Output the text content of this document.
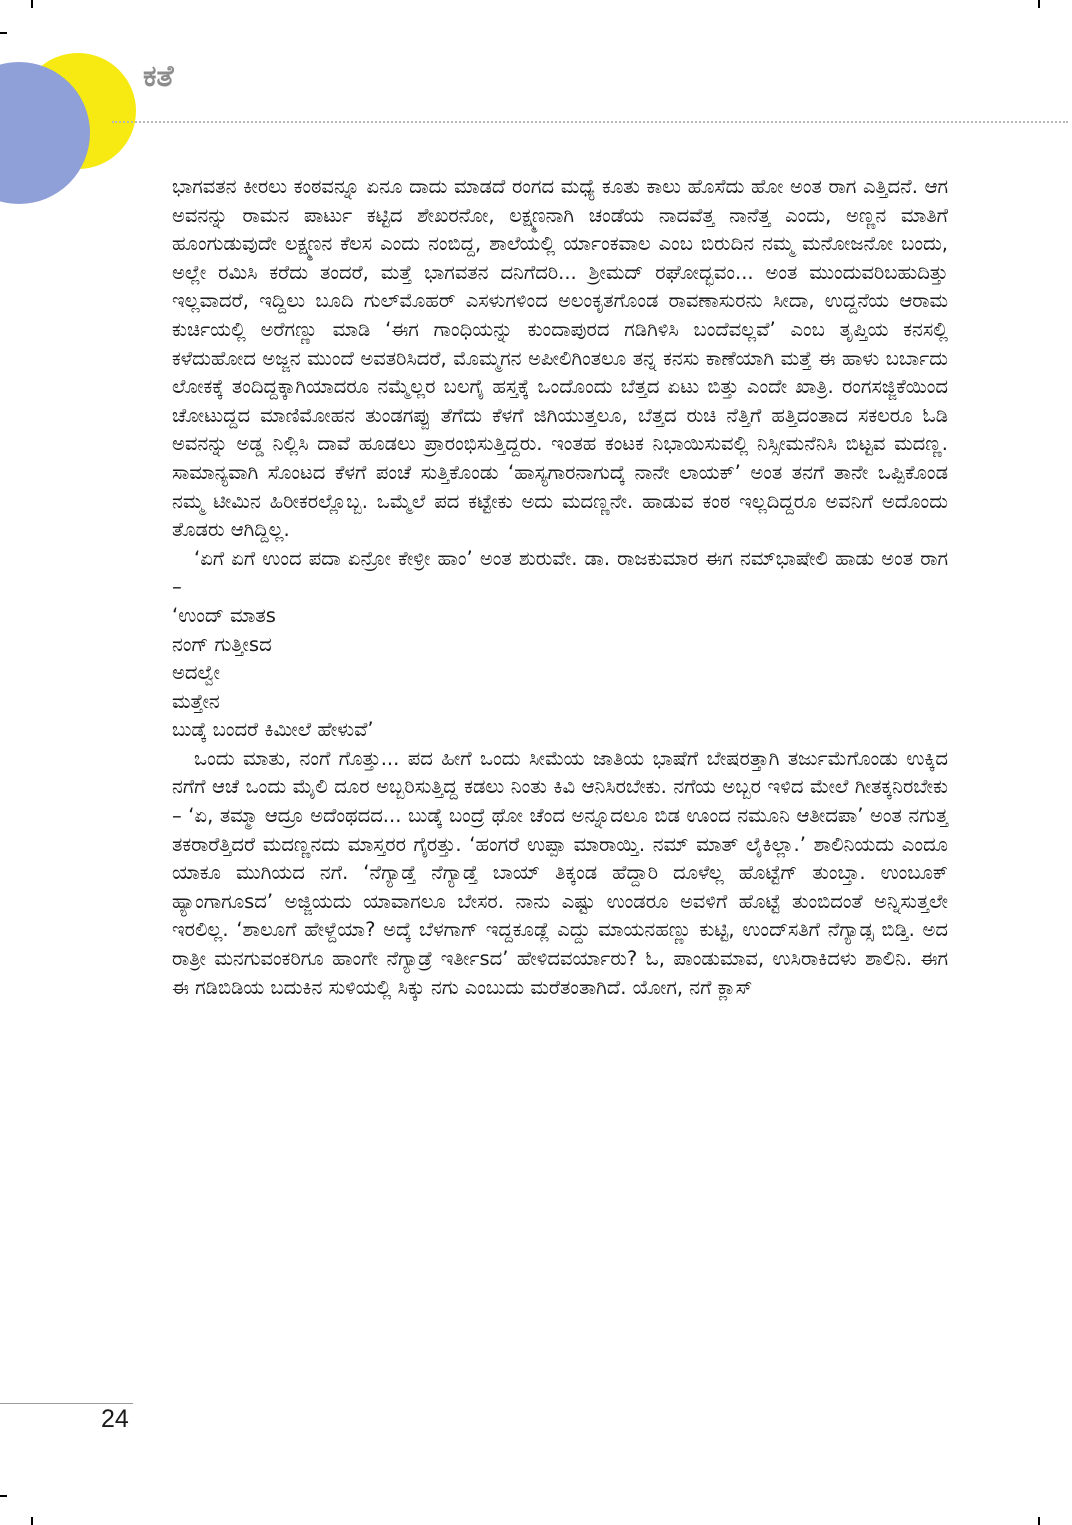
ಕತೆ

ಭಾಗವತನ ಕೀರಲು ಕಂಠವನ್ನೂ ಏನೂ ದಾದು ಮಾಡದೆ ರಂಗದ ಮಧ್ಯೆ ಕೂತು ಕಾಲು ಹೊಸೆದು ಹೋ ಅಂತ ರಾಗ ಎತ್ತಿದನೆ. ಆಗ ಅವನನ್ನು ರಾಮನ ಪಾರ್ಟು ಕಟ್ಟಿದ ಶೇಖರನೋ, ಲಕ್ಷ್ಮಣನಾಗಿ ಚಂಡೆಯ ನಾದವೆತ್ತ ನಾನೆತ್ತ ಎಂದು, ಅಣ್ಣನ ಮಾತಿಗೆ ಹೂಂಗುಡುವುದೇ ಲಕ್ಷ್ಮಣನ ಕೆಲಸ ಎಂದು ನಂಬಿದ್ದ, ಶಾಲೆಯಲ್ಲಿ ರ್ಯಾಂಕವಾಲ ಎಂಬ ಬಿರುದಿನ ನಮ್ಮ ಮನೋಜನೋ ಬಂದು, ಅಲ್ಲೇ ರಮಿಸಿ ಕರೆದು ತಂದರೆ, ಮತ್ತೆ ಭಾಗವತನ ದನಿಗೆದರಿ... ಶ್ರೀಮದ್ ರಘೋದ್ಭವಂ... ಅಂತ ಮುಂದುವರಿಬಹುದಿತ್ತು ಇಲ್ಲವಾದರೆ, ಇದ್ದಿಲು ಬೂದಿ ಗುಲ್‌ಮೊಹರ್ ಎಸಳುಗಳಿಂದ ಅಲಂಕೃತಗೊಂಡ ರಾವಣಾಸುರನು ಸೀದಾ, ಉದ್ದನೆಯ ಆರಾಮ ಕುರ್ಚಿಯಲ್ಲಿ ಅರೆಗಣ್ಣು ಮಾಡಿ ‘ಈಗ ಗಾಂಧಿಯನ್ನು ಕುಂದಾಪುರದ ಗಡಿಗಿಳಿಸಿ ಬಂದೆವಲ್ಲವೆ’ ಎಂಬ ತೃಪ್ತಿಯ ಕನಸಲ್ಲಿ ಕಳೆದುಹೋದ ಅಜ್ಜನ ಮುಂದೆ ಅವತರಿಸಿದರೆ, ಮೊಮ್ಮಗನ ಅಪೀಲಿಗಿಂತಲೂ ತನ್ನ ಕನಸು ಕಾಣೆಯಾಗಿ ಮತ್ತೆ ಈ ಹಾಳು ಬರ್ಬಾದು ಲೋಕಕ್ಕೆ ತಂದಿದ್ದಕ್ಕಾಗಿಯಾದರೂ ನಮ್ಮೆಲ್ಲರ ಬಲಗೈ ಹಸ್ತಕ್ಕೆ ಒಂದೊಂದು ಬೆತ್ತದ ಏಟು ಬಿತ್ತು ಎಂದೇ ಖಾತ್ರಿ. ರಂಗಸಜ್ಜಿಕೆಯಿಂದ ಚೋಟುದ್ದದ ಮಾಣಿಮೋಹನ ತುಂಡಗಪ್ಪು ತೆಗೆದು ಕೆಳಗೆ ಜಿಗಿಯುತ್ತಲೂ, ಬೆತ್ತದ ರುಚಿ ನೆತ್ತಿಗೆ ಹತ್ತಿದಂತಾದ ಸಕಲರೂ ಓಡಿ ಅವನನ್ನು ಅಡ್ಡ ನಿಲ್ಲಿಸಿ ದಾವೆ ಹೂಡಲು ಪ್ರಾರಂಭಿಸುತ್ತಿದ್ದರು. ಇಂತಹ ಕಂಟಕ ನಿಭಾಯಿಸುವಲ್ಲಿ ನಿಸ್ಸೀಮನೆನಿಸಿ ಬಿಟ್ಟವ ಮದಣ್ಣ. ಸಾಮಾನ್ಯವಾಗಿ ಸೊಂಟದ ಕೆಳಗೆ ಪಂಚೆ ಸುತ್ತಿಕೊಂಡು ‘ಹಾಸ್ಯಗಾರನಾಗುದ್ಕೆ ನಾನೇ ಲಾಯಕ್’ ಅಂತ ತನಗೆ ತಾನೇ ಒಪ್ಪಿಕೊಂಡ ನಮ್ಮ ಟೀಮಿನ ಹಿರೀಕರಲ್ಲೊಬ್ಬ. ಒಮ್ಮೆಲೆ ಪದ ಕಟ್ಟೇಕು ಅದು ಮದಣ್ಣನೇ. ಹಾಡುವ ಕಂಠ ಇಲ್ಲದಿದ್ದರೂ ಅವನಿಗೆ ಅದೊಂದು ತೊಡರು ಆಗಿದ್ದಿಲ್ಲ.

‘ಏಗೆ ಏಗೆ ಉಂದ ಪದಾ ಏನ್ರೋ ಕೇಳ್ರೀ ಹಾಂ’ ಅಂತ ಶುರುವೇ. ಡಾ. ರಾಜಕುಮಾರ ಈಗ ನಮ್‌ಭಾಷೇಲಿ ಹಾಡು ಅಂತ ರಾಗ –

‘ಉಂದ್ ಮಾತs

ನಂಗ್ ಗುತ್ತೀsದ

ಅದಲ್ವೇ

ಮತ್ತೇನ

ಬುಡ್ಕೆ ಬಂದರೆ ಕಿಮೀಲೆ ಹೇಳುವೆ’

ಒಂದು ಮಾತು, ನಂಗೆ ಗೊತ್ತು... ಪದ ಹೀಗೆ ಒಂದು ಸೀಮೆಯ ಜಾತಿಯ ಭಾಷೆಗೆ ಬೇಷರತ್ತಾಗಿ ತರ್ಜುಮೆಗೊಂಡು ಉಕ್ಕಿದ ನಗೆಗೆ ಆಚೆ ಒಂದು ಮೈಲಿ ದೂರ ಅಬ್ಬರಿಸುತ್ತಿದ್ದ ಕಡಲು ನಿಂತು ಕಿವಿ ಆನಿಸಿರಬೇಕು. ನಗೆಯ ಅಬ್ಬರ ಇಳಿದ ಮೇಲೆ ಗೀತಕ್ಕನಿರಬೇಕು – ‘ಏ, ತಮ್ಮಾ ಆದ್ರೂ ಅದೆಂಥದದ... ಬುಡ್ಕೆ ಬಂದ್ರೆ ಥೋ ಚೆಂದ ಅನ್ನೂದಲೂ ಬಿಡ ಊಂದ ನಮೂನಿ ಆತೀದಪಾ’ ಅಂತ ನಗುತ್ತ ತಕರಾರೆತ್ತಿದರೆ ಮದಣ್ಣನದು ಮಾಸ್ತರರ ಗೈರತ್ತು. ‘ಹಂಗರೆ ಉಪ್ಪಾ ಮಾರಾಯ್ತಿ. ನಮ್ ಮಾತ್ ಲೈಕಿಲ್ಲಾ.’ ಶಾಲಿನಿಯದು ಎಂದೂ ಯಾಕೂ ಮುಗಿಯದ ನಗೆ. ‘ನೆಗ್ಯಾಡ್ತೆ ನೆಗ್ಯಾಡ್ತೆ ಬಾಯ್ ತಿಕ್ಕಂಡ ಹೆದ್ದಾರಿ ದೂಳೆಲ್ಲ ಹೊಟ್ಟೆಗ್ ತುಂಬ್ತಾ. ಉಂಬೂಕ್ ಹ್ಯಾಂಗಾಗೂsದ’ ಅಜ್ಜಿಯದು ಯಾವಾಗಲೂ ಬೇಸರ. ನಾನು ಎಷ್ಟು ಉಂಡರೂ ಅವಳಿಗೆ ಹೊಟ್ಟೆ ತುಂಬಿದಂತೆ ಅನ್ನಿಸುತ್ತಲೇ ಇರಲಿಲ್ಲ. ‘ಶಾಲೂಗೆ ಹೇಳ್ದೆಯಾ? ಅದ್ಕೆ ಬೆಳಗಾಗ್ ಇದ್ದಕೂಡ್ಲೆ ಎದ್ದು ಮಾಯನಹಣ್ಣು ಕುಟ್ಟಿ, ಉಂದ್‌ಸತಿಗೆ ನೆಗ್ಯಾಡ್ಸ ಬಿಡ್ತಿ. ಅದ ರಾತ್ರೀ ಮನಗುವಂಕರಿಗೂ ಹಾಂಗೇ ನೆಗ್ಯಾಡ್ರೆ ಇರ್ತೀsದ’ ಹೇಳಿದವರ್ಯಾರು? ಓ, ಪಾಂಡುಮಾವ, ಉಸಿರಾಕಿದಳು ಶಾಲಿನಿ. ಈಗ ಈ ಗಡಿಬಿಡಿಯ ಬದುಕಿನ ಸುಳಿಯಲ್ಲಿ ಸಿಕ್ಕು ನಗು ಎಂಬುದು ಮರೆತಂತಾಗಿದೆ. ಯೋಗ, ನಗೆ ಕ್ಲಾಸ್

24
